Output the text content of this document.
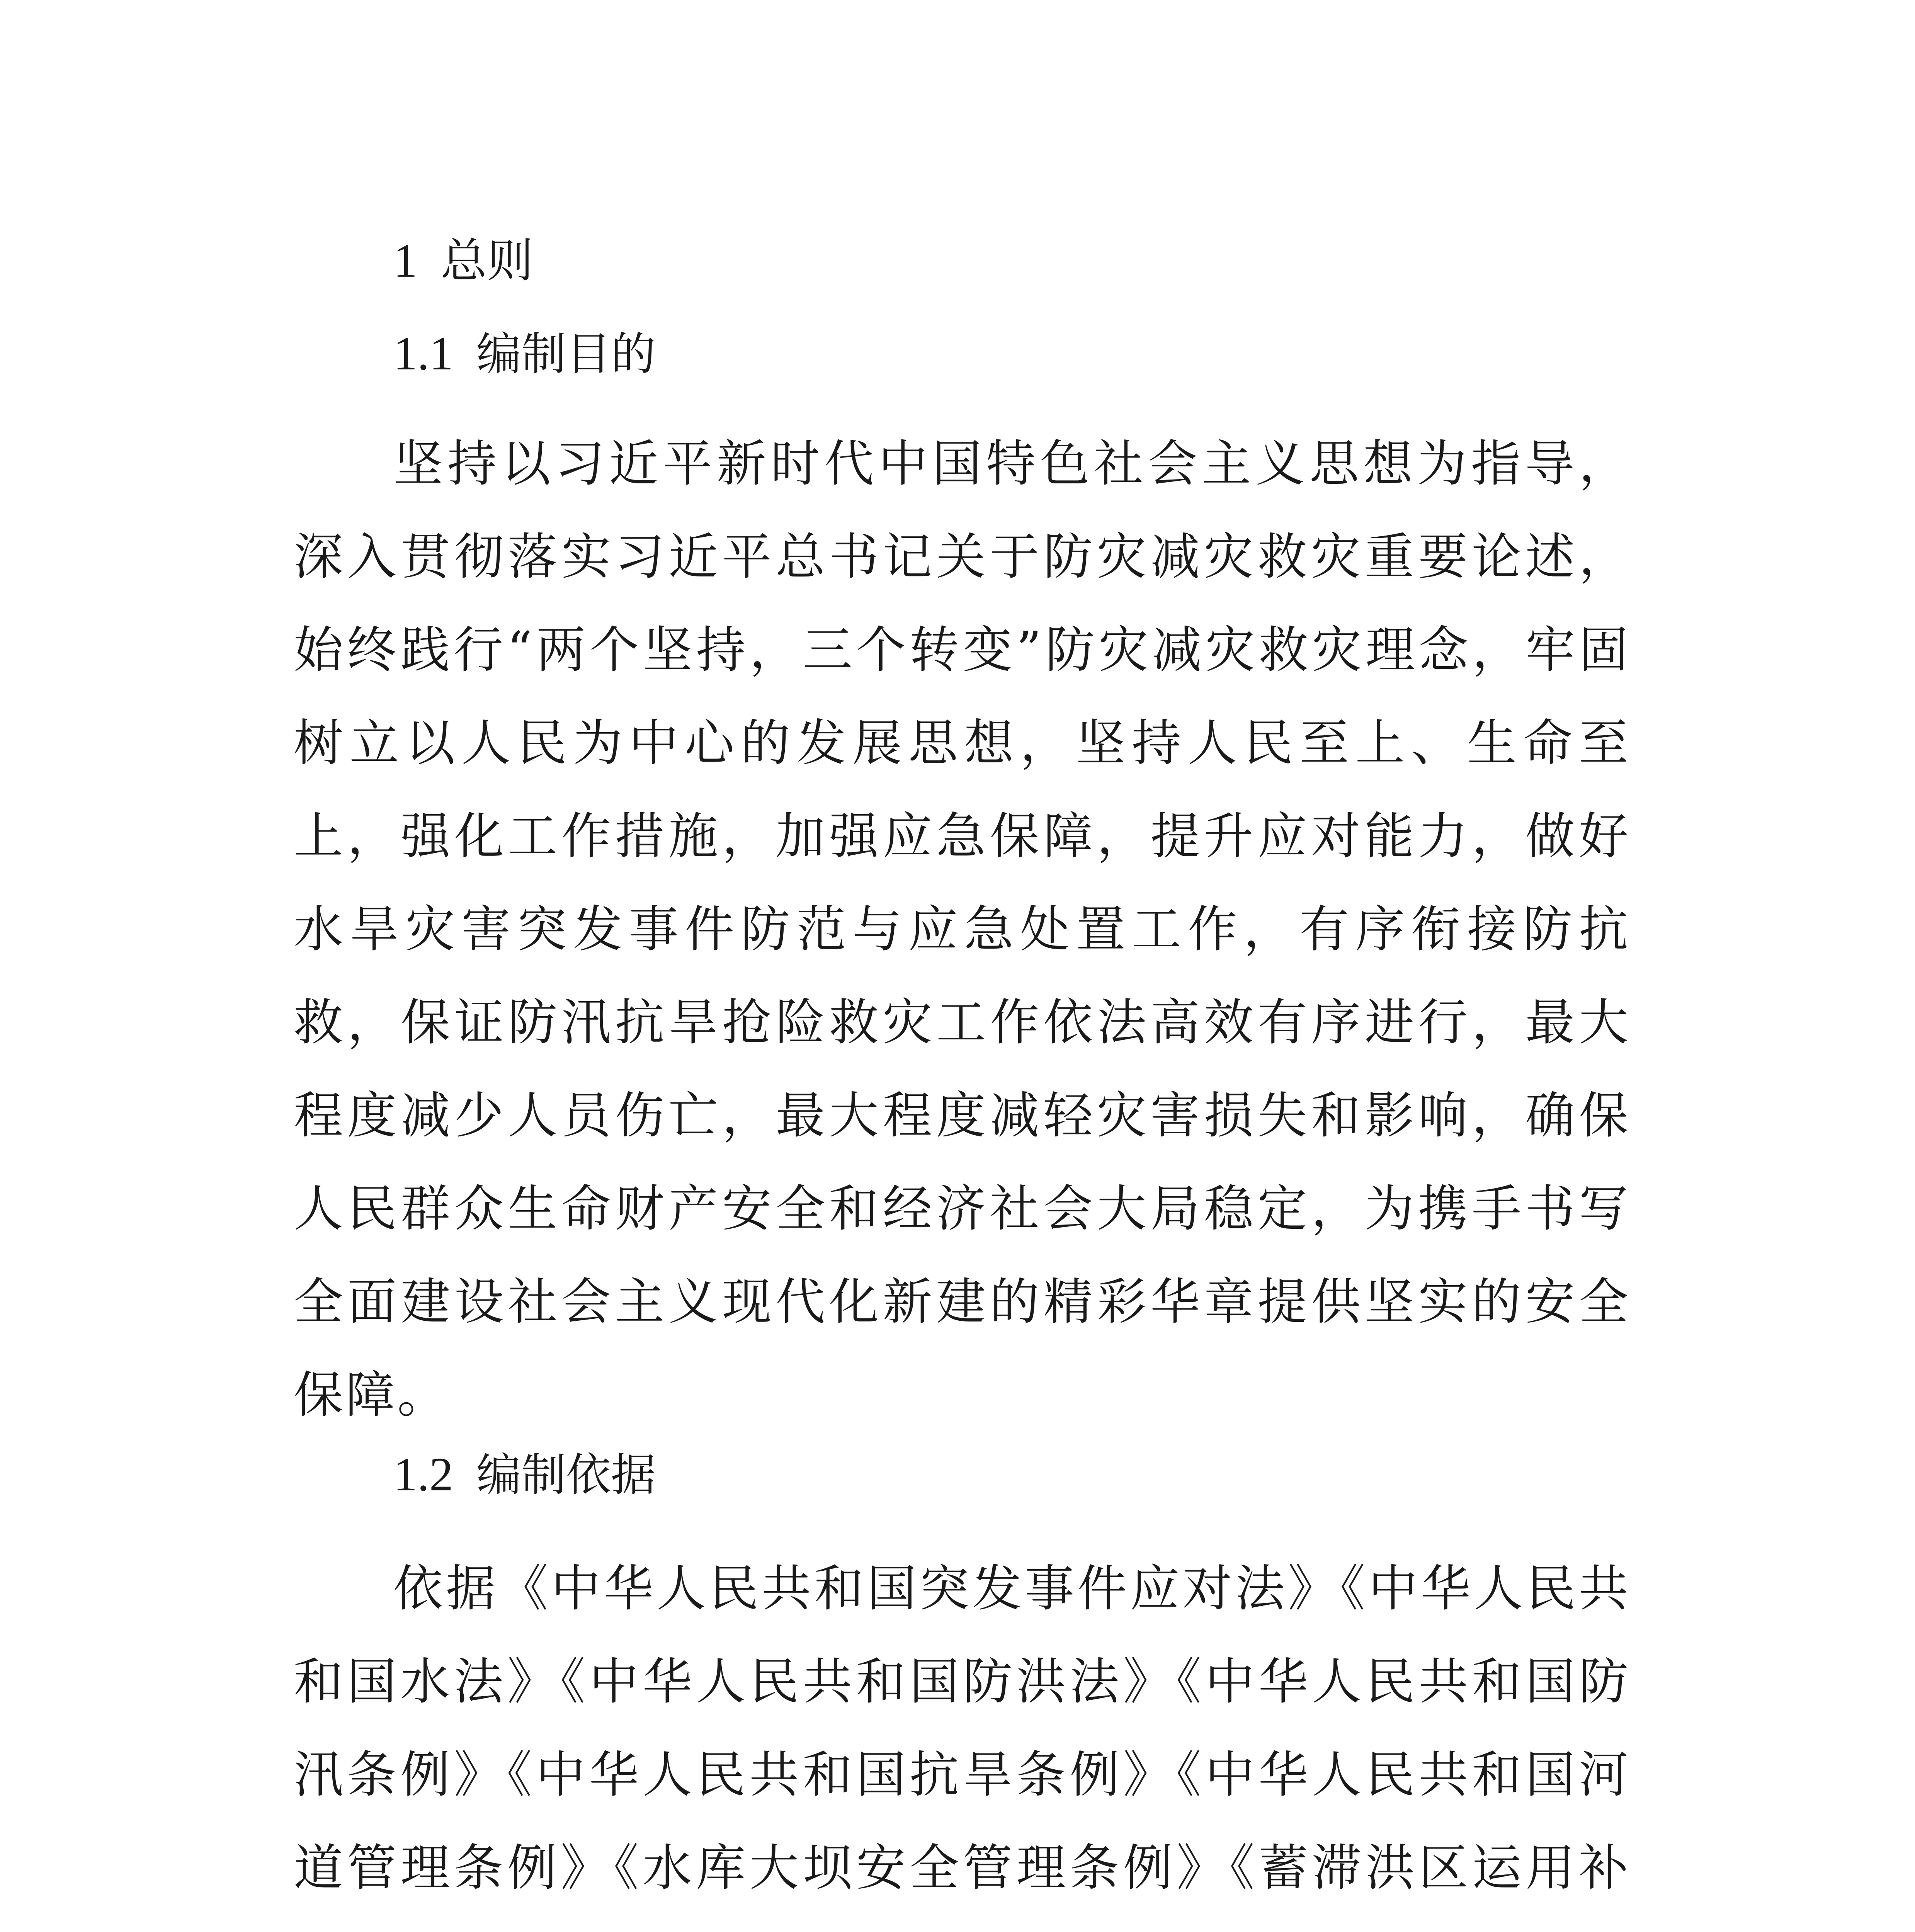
1 总则
1.1 编制目的

坚持以习近平新时代中国特色社会主义思想为指导，深入贯彻落实习近平总书记关于防灾减灾救灾重要论述，始终践行“两个坚持，三个转变”防灾减灾救灾理念，牢固树立以人民为中心的发展思想，坚持人民至上、生命至上，强化工作措施，加强应急保障，提升应对能力，做好水旱灾害突发事件防范与应急处置工作，有序衔接防抗救，保证防汛抗旱抢险救灾工作依法高效有序进行，最大程度减少人员伤亡，最大程度减轻灾害损失和影响，确保人民群众生命财产安全和经济社会大局稳定，为携手书写全面建设社会主义现代化新建的精彩华章提供坚实的安全保障。

1.2 编制依据

依据《中华人民共和国突发事件应对法》《中华人民共和国水法》《中华人民共和国防洪法》《中华人民共和国防汛条例》《中华人民共和国抗旱条例》《中华人民共和国河道管理条例》《水库大坝安全管理条例》《蓄滞洪区运用补
